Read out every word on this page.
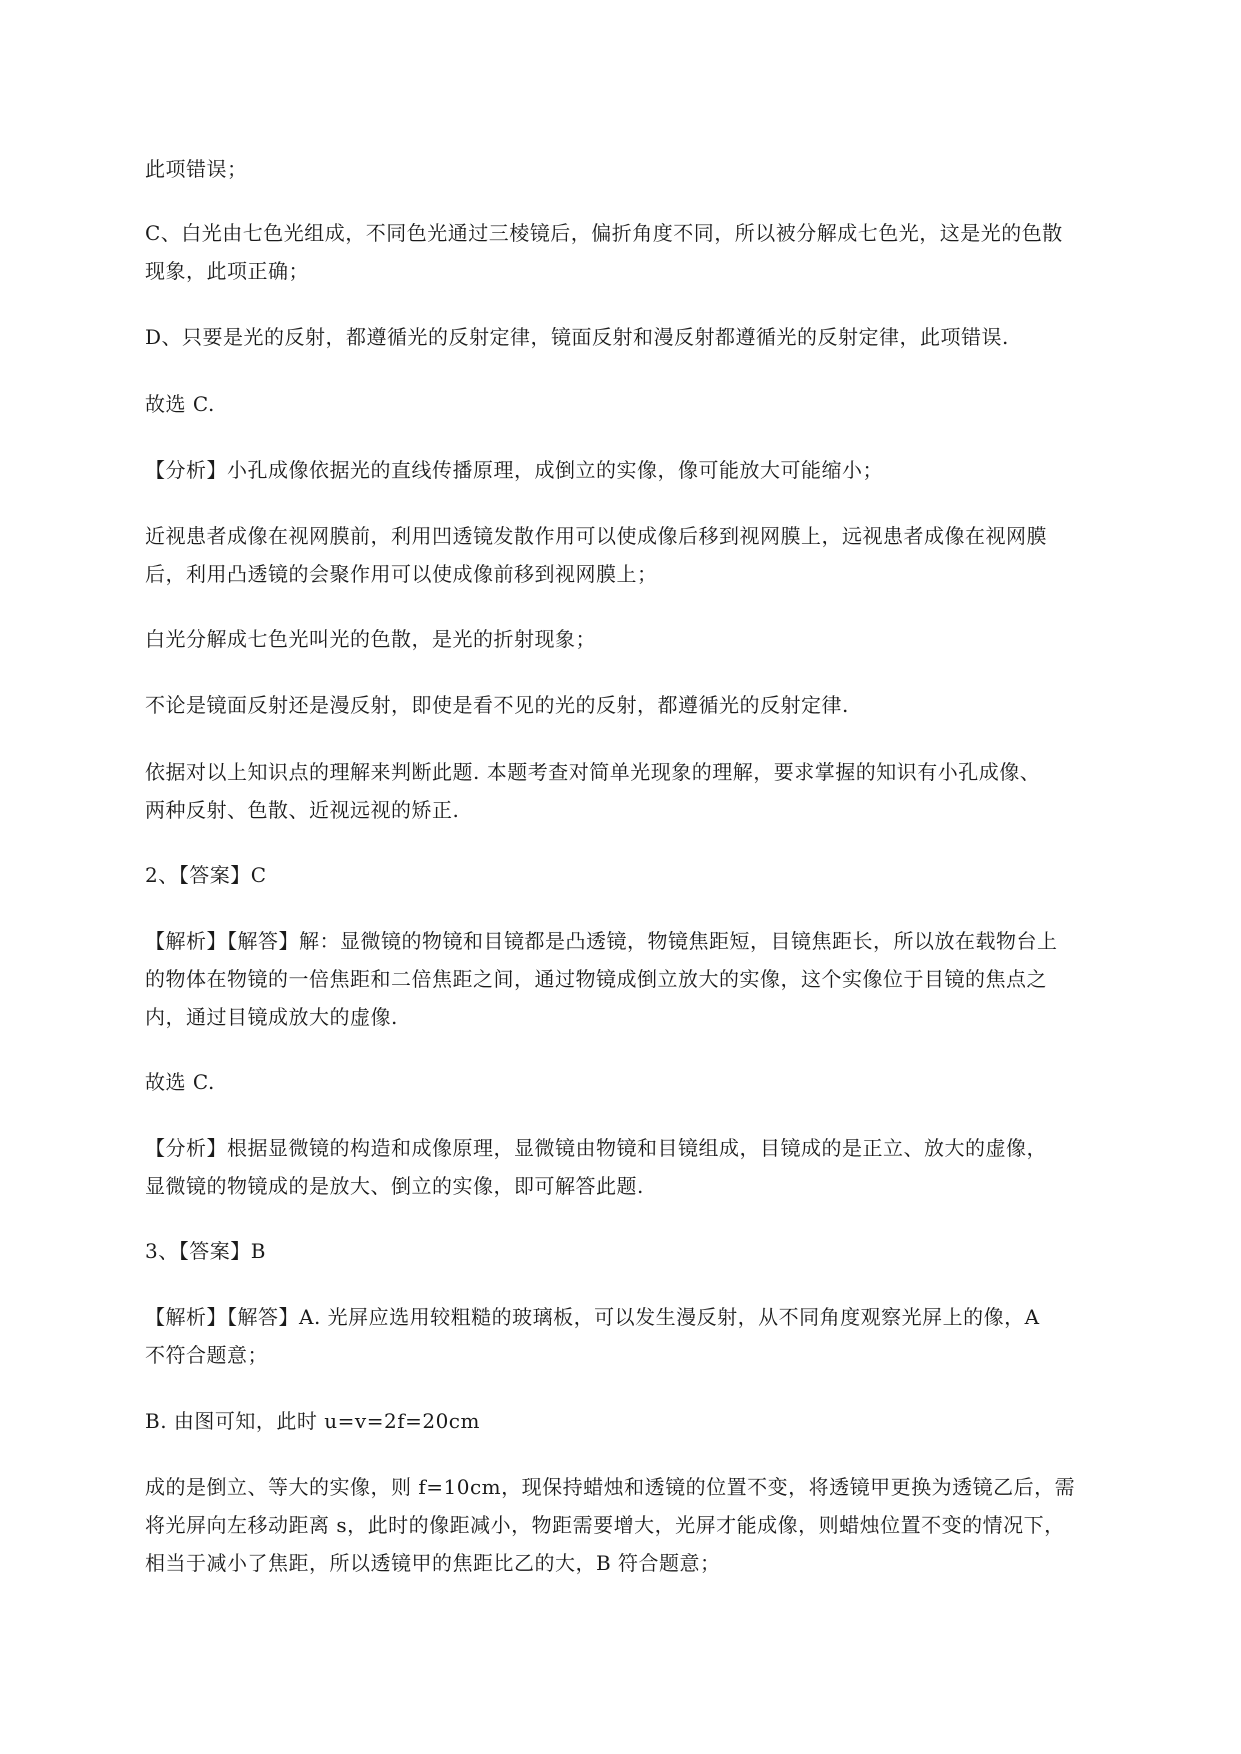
此项错误；

C、白光由七色光组成，不同色光通过三棱镜后，偏折角度不同，所以被分解成七色光，这是光的色散
现象，此项正确；

D、只要是光的反射，都遵循光的反射定律，镜面反射和漫反射都遵循光的反射定律，此项错误.

故选 C.

【分析】小孔成像依据光的直线传播原理，成倒立的实像，像可能放大可能缩小；

近视患者成像在视网膜前，利用凹透镜发散作用可以使成像后移到视网膜上，远视患者成像在视网膜
后，利用凸透镜的会聚作用可以使成像前移到视网膜上；

白光分解成七色光叫光的色散，是光的折射现象；

不论是镜面反射还是漫反射，即使是看不见的光的反射，都遵循光的反射定律.

依据对以上知识点的理解来判断此题. 本题考查对简单光现象的理解，要求掌握的知识有小孔成像、
两种反射、色散、近视远视的矫正.

2、【答案】C

【解析】【解答】解：显微镜的物镜和目镜都是凸透镜，物镜焦距短，目镜焦距长，所以放在载物台上
的物体在物镜的一倍焦距和二倍焦距之间，通过物镜成倒立放大的实像，这个实像位于目镜的焦点之
内，通过目镜成放大的虚像.

故选 C.

【分析】根据显微镜的构造和成像原理，显微镜由物镜和目镜组成，目镜成的是正立、放大的虚像，
显微镜的物镜成的是放大、倒立的实像，即可解答此题.

3、【答案】B

【解析】【解答】A. 光屏应选用较粗糙的玻璃板，可以发生漫反射，从不同角度观察光屏上的像，A
不符合题意；

B. 由图可知，此时 u=v=2f=20cm

成的是倒立、等大的实像，则 f=10cm，现保持蜡烛和透镜的位置不变，将透镜甲更换为透镜乙后，需
将光屏向左移动距离 s，此时的像距减小，物距需要增大，光屏才能成像，则蜡烛位置不变的情况下，
相当于减小了焦距，所以透镜甲的焦距比乙的大，B 符合题意；
